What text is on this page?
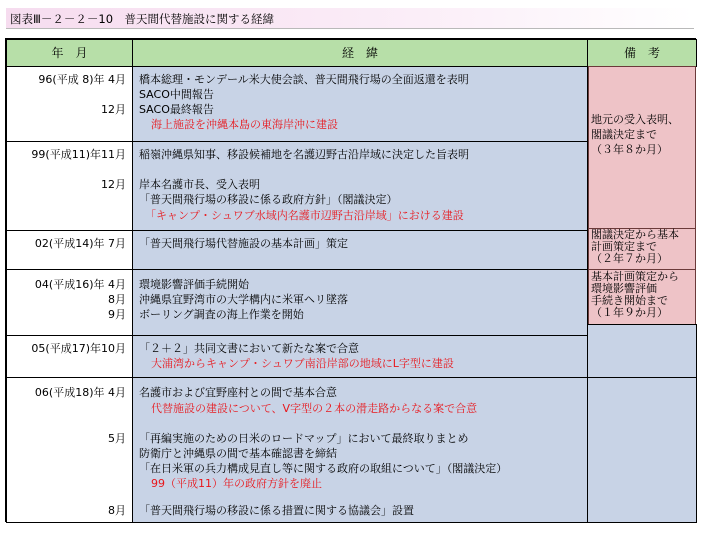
図表Ⅲ－２－２－10　普天間代替施設に関する経緯
年　月	経　緯	備　考
96(平成 8)年 4月
12月
橋本総理・モンデール米大使会談、普天間飛行場の全面返還を表明
SACO中間報告
SACO最終報告
海上施設を沖縄本島の東海岸沖に建設
99(平成11)年11月
12月
稲嶺沖縄県知事、移設候補地を名護辺野古沿岸域に決定した旨表明
岸本名護市長、受入表明
「普天間飛行場の移設に係る政府方針」（閣議決定）
「キャンプ・シュワブ水域内名護市辺野古沿岸域」における建設
02(平成14)年 7月 「普天間飛行場代替施設の基本計画」策定
04(平成16)年 4月
8月
9月
環境影響評価手続開始
沖縄県宜野湾市の大学構内に米軍ヘリ墜落
ボーリング調査の海上作業を開始
05(平成17)年10月 「２＋２」共同文書において新たな案で合意
大浦湾からキャンプ・シュワブ南沿岸部の地域にL字型に建設
06(平成18)年 4月
5月
8月
名護市および宜野座村との間で基本合意
代替施設の建設について、V字型の２本の滑走路からなる案で合意
「再編実施のための日米のロードマップ」において最終取りまとめ
防衛庁と沖縄県の間で基本確認書を締結
「在日米軍の兵力構成見直し等に関する政府の取組について」（閣議決定）
99（平成11）年の政府方針を廃止
「普天間飛行場の移設に係る措置に関する協議会」設置
地元の受入表明、
閣議決定まで
（３年８か月）
閣議決定から基本
計画策定まで
（２年７か月）
基本計画策定から
環境影響評価
手続き開始まで
（１年９か月）
